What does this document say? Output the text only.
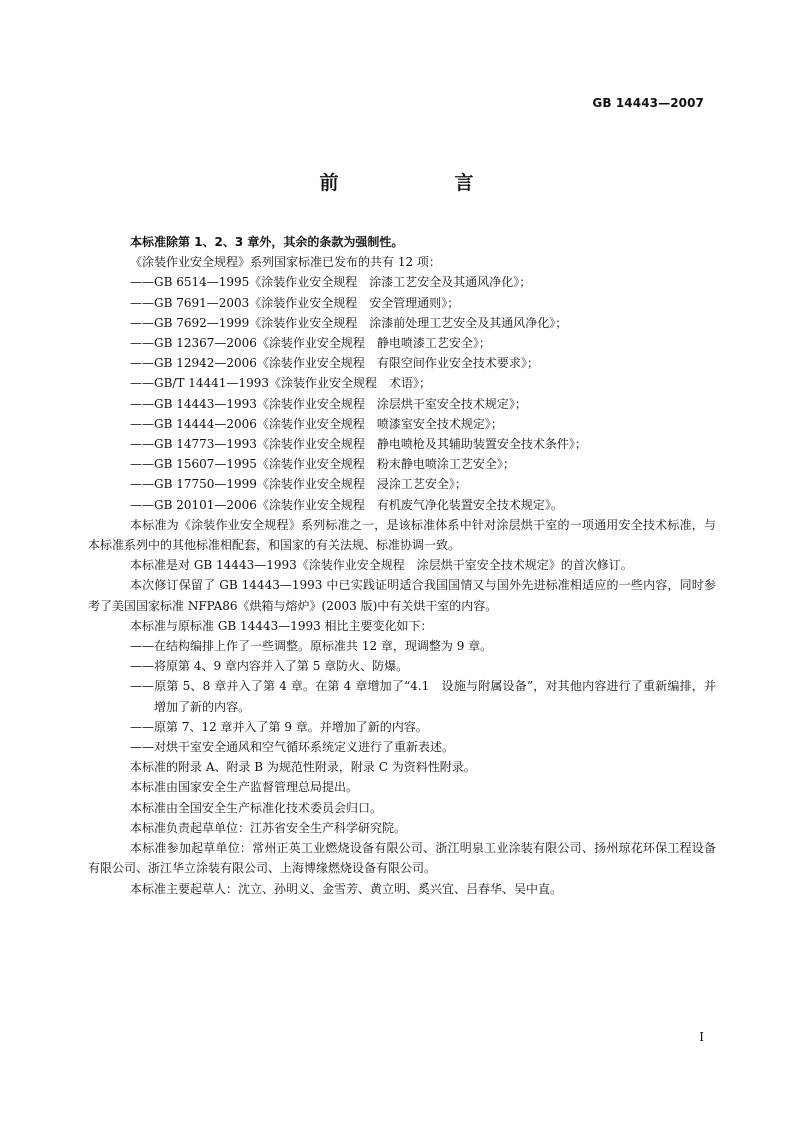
GB 14443—2007

前　　言

本标准除第 1、2、3 章外，其余的条款为强制性。

《涂装作业安全规程》系列国家标准已发布的共有 12 项：

——GB 6514—1995《涂装作业安全规程　涂漆工艺安全及其通风净化》；

——GB 7691—2003《涂装作业安全规程　安全管理通则》；

——GB 7692—1999《涂装作业安全规程　涂漆前处理工艺安全及其通风净化》；

——GB 12367—2006《涂装作业安全规程　静电喷漆工艺安全》；

——GB 12942—2006《涂装作业安全规程　有限空间作业安全技术要求》；

——GB/T 14441—1993《涂装作业安全规程　术语》；

——GB 14443—1993《涂装作业安全规程　涂层烘干室安全技术规定》；

——GB 14444—2006《涂装作业安全规程　喷漆室安全技术规定》；

——GB 14773—1993《涂装作业安全规程　静电喷枪及其辅助装置安全技术条件》；

——GB 15607—1995《涂装作业安全规程　粉末静电喷涂工艺安全》；

——GB 17750—1999《涂装作业安全规程　浸涂工艺安全》；

——GB 20101—2006《涂装作业安全规程　有机废气净化装置安全技术规定》。

本标准为《涂装作业安全规程》系列标准之一，是该标准体系中针对涂层烘干室的一项通用安全技术标准，与本标准系列中的其他标准相配套，和国家的有关法规、标准协调一致。

本标准是对 GB 14443—1993《涂装作业安全规程　涂层烘干室安全技术规定》的首次修订。

本次修订保留了 GB 14443—1993 中已实践证明适合我国国情又与国外先进标准相适应的一些内容，同时参考了美国国家标准 NFPA86《烘箱与熔炉》(2003 版)中有关烘干室的内容。

本标准与原标准 GB 14443—1993 相比主要变化如下：

——在结构编排上作了一些调整。原标准共 12 章，现调整为 9 章。

——将原第 4、9 章内容并入了第 5 章防火、防爆。

——原第 5、8 章并入了第 4 章。在第 4 章增加了“4.1　设施与附属设备”，对其他内容进行了重新编排，并增加了新的内容。

——原第 7、12 章并入了第 9 章。并增加了新的内容。

——对烘干室安全通风和空气循环系统定义进行了重新表述。

本标准的附录 A、附录 B 为规范性附录，附录 C 为资料性附录。

本标准由国家安全生产监督管理总局提出。

本标准由全国安全生产标准化技术委员会归口。

本标准负责起草单位：江苏省安全生产科学研究院。

本标准参加起草单位：常州正英工业燃烧设备有限公司、浙江明泉工业涂装有限公司、扬州琼花环保工程设备有限公司、浙江华立涂装有限公司、上海博缘燃烧设备有限公司。

本标准主要起草人：沈立、孙明义、金雪芳、黄立明、奚兴宜、吕春华、吴中直。

I
